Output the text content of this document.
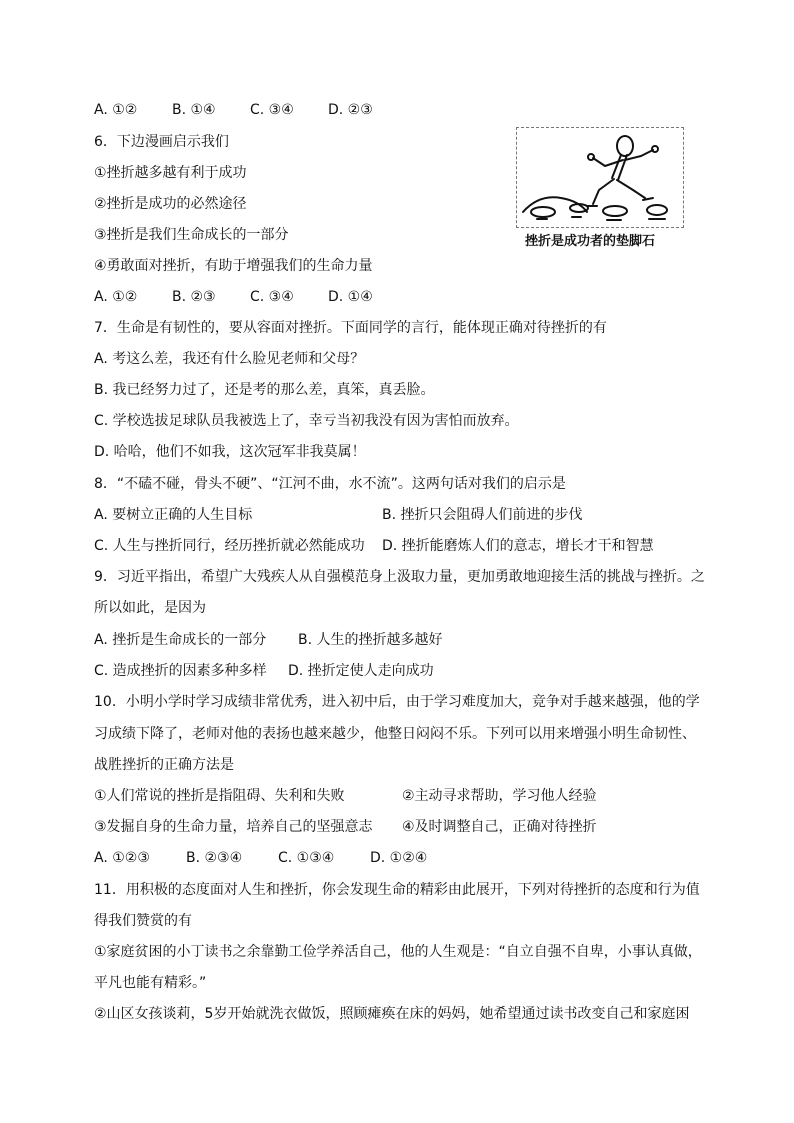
A. ①② B. ①④ C. ③④ D. ②③
6．下边漫画启示我们
①挫折越多越有利于成功
②挫折是成功的必然途径
③挫折是我们生命成长的一部分
④勇敢面对挫折，有助于增强我们的生命力量
A. ①② B. ②③ C. ③④ D. ①④
挫折是成功者的垫脚石
7．生命是有韧性的，要从容面对挫折。下面同学的言行，能体现正确对待挫折的有
A. 考这么差，我还有什么脸见老师和父母？
B. 我已经努力过了，还是考的那么差，真笨，真丢脸。
C. 学校选拔足球队员我被选上了，幸亏当初我没有因为害怕而放弃。
D. 哈哈，他们不如我，这次冠军非我莫属！
8．“不磕不碰，骨头不硬”、“江河不曲，水不流”。这两句话对我们的启示是
A. 要树立正确的人生目标	B. 挫折只会阻碍人们前进的步伐
C. 人生与挫折同行，经历挫折就必然能成功 D. 挫折能磨炼人们的意志，增长才干和智慧
9．习近平指出，希望广大残疾人从自强模范身上汲取力量，更加勇敢地迎接生活的挑战与挫折。之
所以如此，是因为
A. 挫折是生命成长的一部分 B. 人生的挫折越多越好
C. 造成挫折的因素多种多样 D. 挫折定使人走向成功
10．小明小学时学习成绩非常优秀，进入初中后，由于学习难度加大，竞争对手越来越强，他的学
习成绩下降了，老师对他的表扬也越来越少，他整日闷闷不乐。下列可以用来增强小明生命韧性、
战胜挫折的正确方法是
①人们常说的挫折是指阻碍、失利和失败	②主动寻求帮助，学习他人经验
③发掘自身的生命力量，培养自己的坚强意志 ④及时调整自己，正确对待挫折
A. ①②③	B. ②③④	C. ①③④	D. ①②④
11．用积极的态度面对人生和挫折，你会发现生命的精彩由此展开，下列对待挫折的态度和行为值
得我们赞赏的有
①家庭贫困的小丁读书之余靠勤工俭学养活自己，他的人生观是：“自立自强不自卑，小事认真做，
平凡也能有精彩。”
②山区女孩谈莉，5岁开始就洗衣做饭，照顾瘫痪在床的妈妈，她希望通过读书改变自己和家庭困
